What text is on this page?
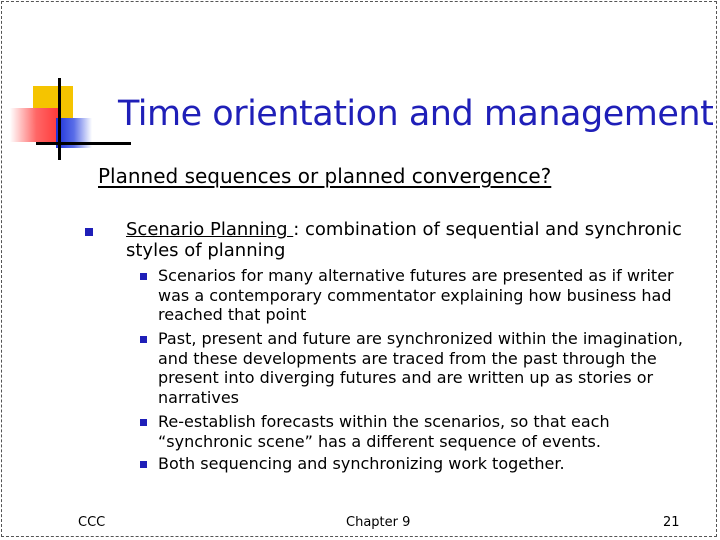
Time orientation and management
Planned sequences or planned convergence?
Scenario Planning : combination of sequential and synchronic styles of planning
Scenarios for many alternative futures are presented as if writer was a contemporary commentator explaining how business had reached that point
Past, present and future are synchronized within the imagination, and these developments are traced from the past through the present into diverging futures and are written up as stories or narratives
Re-establish forecasts within the scenarios, so that each “synchronic scene” has a different sequence of events.
Both sequencing and synchronizing work together.
CCC	Chapter 9	21
